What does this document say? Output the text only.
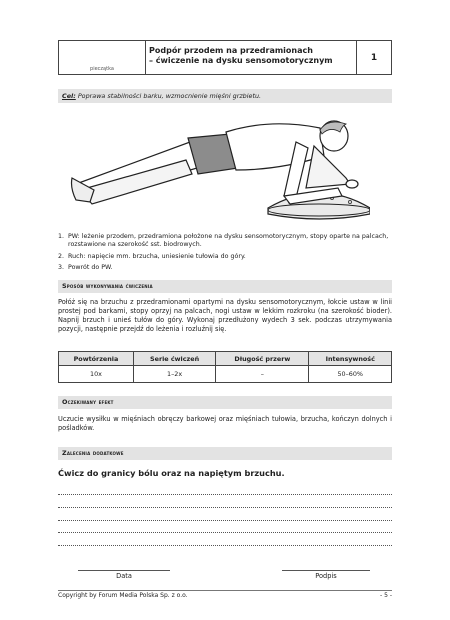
pieczątka
Podpór przodem na przedramionach
– ćwiczenie na dysku sensomotorycznym	1
Cel: Poprawa stabilności barku, wzmocnienie mięśni grzbietu.
1. PW: leżenie przodem, przedramiona położone na dysku sensomotorycznym, stopy oparte na palcach, rozstawione na szerokość sst. biodrowych.
2. Ruch: napięcie mm. brzucha, uniesienie tułowia do góry.
3. Powrót do PW.
Sposób wykonywania ćwiczenia
Połóż się na brzuchu z przedramionami opartymi na dysku sensomotorycznym, łokcie ustaw w linii prostej pod barkami, stopy oprzyj na palcach, nogi ustaw w lekkim rozkroku (na szerokość bioder). Napnij brzuch i unieś tułów do góry. Wykonaj przedłużony wydech 3 sek. podczas utrzymywania pozycji, następnie przejdź do leżenia i rozluźnij się.
Powtórzenia	Serie ćwiczeń	Długość przerw	Intensywność
10x	1–2x	–	50–60%
Oczekiwany efekt
Uczucie wysiłku w mięśniach obręczy barkowej oraz mięśniach tułowia, brzucha, kończyn dolnych i pośladków.
Zalecenia dodatkowe
Ćwicz do granicy bólu oraz na napiętym brzuchu.
Data	Podpis
Copyright by Forum Media Polska Sp. z o.o.	- 5 -
